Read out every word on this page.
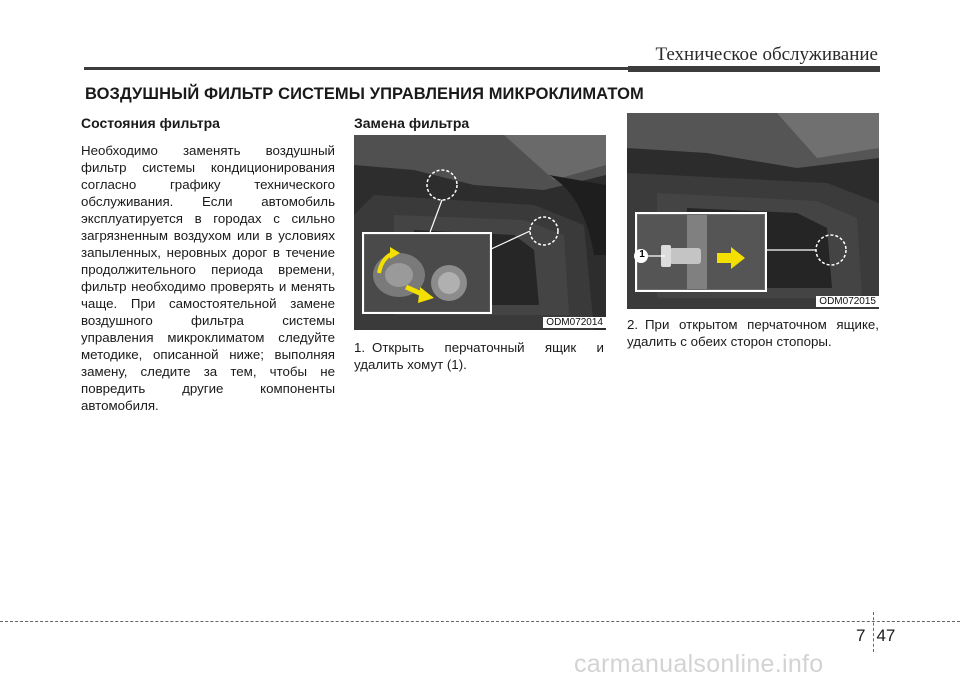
Техническое обслуживание
ВОЗДУШНЫЙ ФИЛЬТР СИСТЕМЫ УПРАВЛЕНИЯ МИКРОКЛИМАТОМ
Состояния фильтра
Необходимо заменять воздушный фильтр системы кондиционирования согласно графику технического обслуживания. Если автомобиль эксплуатируется в городах с сильно загрязненным воздухом или в условиях запыленных, неровных дорог в течение продолжительного периода времени, фильтр необходимо проверять и менять чаще. При самостоятельной замене воздушного фильтра системы управления микроклиматом следуйте методике, описанной ниже; выполняя замену, следите за тем, чтобы не повредить другие компоненты автомобиля.
Замена фильтра
ODM072014
1. Открыть перчаточный ящик и удалить хомут (1).
1
ODM072015
2. При открытом перчаточном ящике, удалить с обеих сторон стопоры.
7 47
carmanualsonline.info
